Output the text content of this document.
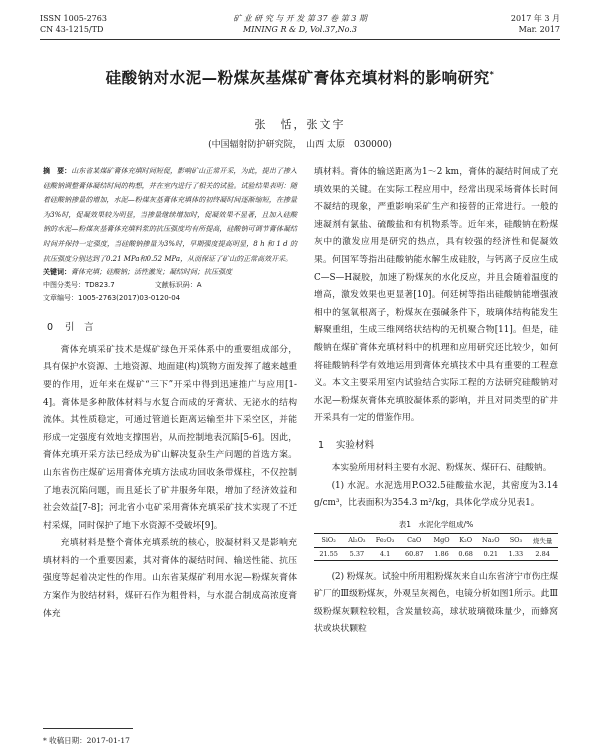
ISSN 1005-2763
CN 43-1215/TD
矿 业 研 究 与 开 发 第 37 卷 第 3 期
MINING R & D, Vol.37,No.3
2017 年 3 月
Mar. 2017
硅酸钠对水泥—粉煤灰基煤矿膏体充填材料的影响研究*
张　恬，张文宇
(中国辐射防护研究院，　山西 太原　030000)
摘　要：山东省某煤矿膏体充填时间短促，影响矿山正常开采，为此，提出了掺入硅酸钠调整膏体凝结时间的构想，并在室内进行了相关的试验。试验结果表明：随着硅酸钠掺量的增加，水泥—粉煤灰基膏体充填体的初终凝时间逐渐缩短，在掺量为3%时，促凝效果较为明显，当掺量继续增加时，促凝效果不显著，且加入硅酸钠的水泥—粉煤灰基膏体充填料浆的抗压强度均有所提高，硅酸钠可调节膏体凝结时间并保持一定强度，当硅酸钠掺量为3%时，早期强度提高明显，8 h 和 1 d 的抗压强度分别达到了0.21 MPa和0.52 MPa，从而保证了矿山的正常高效开采。
关键词：膏体充填；硅酸钠；活性激发；凝结时间；抗压强度
中图分类号：TD823.7	文献标识码：A
文章编号：1005-2763(2017)03-0120-04
0 引　言

膏体充填采矿技术是煤矿绿色开采体系中的重要组成部分，具有保护水资源、土地资源、地面建(构)筑物方面发挥了越来越重要的作用，近年来在煤矿“三下”开采中得到迅速推广与应用[1-4]。膏体是多种散体材料与水复合而成的牙膏状、无泌水的结构流体。其性质稳定，可通过管道长距离运输至井下采空区，并能形成一定强度有效地支撑围岩，从而控制地表沉陷[5-6]。因此，膏体充填开采方法已经成为矿山解决复杂生产问题的首选方案。山东省伤庄煤矿运用膏体充填方法成功回收条带煤柱，不仅控制了地表沉陷问题，而且延长了矿井服务年限，增加了经济效益和社会效益[7-8]；河北省小屯矿采用膏体充填采矿技术实现了不迁村采煤，同时保护了地下水资源不受破坏[9]。

充填材料是整个膏体充填系统的核心，胶凝材料又是影响充填材料的一个重要因素，其对膏体的凝结时间、输送性能、抗压强度等起着决定性的作用。山东省某煤矿利用水泥—粉煤灰膏体方案作为胶结材料，煤矸石作为粗骨料，与水混合制成高浓度膏体充

填材料。膏体的输送距离为1～2 km，膏体的凝结时间成了充填效果的关键。在实际工程应用中，经常出现采场膏体长时间不凝结的现象，严重影响采矿生产和接替的正常进行。一般的速凝剂有氯盐、硫酸盐和有机物系等。近年来，硅酸钠在粉煤灰中的激发应用是研究的热点，具有较强的经济性和促凝效果。何国军等指出硅酸钠能水解生成硅胶，与钙离子反应生成C—S—H凝胶，加速了粉煤灰的水化反应，并且会随着温度的增高，激发效果也更显著[10]。何廷树等指出硅酸钠能增强液相中的氢氧根离子，粉煤灰在强碱条件下，玻璃体结构能发生解聚重组，生成三维网络状结构的无机聚合物[11]。但是，硅酸钠在煤矿膏体充填材料中的机理和应用研究还比较少，如何将硅酸钠科学有效地运用到膏体充填技术中具有重要的工程意义。本文主要采用室内试验结合实际工程的方法研究硅酸钠对水泥—粉煤灰膏体充填胶凝体系的影响，并且对同类型的矿井开采具有一定的借鉴作用。

1 实验材料

本实验所用材料主要有水泥、粉煤灰、煤矸石、硅酸钠。

(1) 水泥。水泥选用P.O32.5硅酸盐水泥，其密度为3.14 g/cm³，比表面积为354.3 m²/kg，具体化学成分见表1。

表1　水泥化学组成/%
SiO₂	Al₂O₃	Fe₂O₃	CaO	MgO	K₂O	Na₂O	SO₃	烧失量
21.55	5.37	4.1	60.87	1.86	0.68	0.21	1.33	2.84

(2) 粉煤灰。试验中所用粗粉煤灰来自山东省济宁市伤庄煤矿厂的Ⅲ级粉煤灰，外观呈灰褐色，电镜分析如图1所示。此Ⅲ级粉煤灰颗粒较粗，含炭量较高，球状玻璃微珠量少，而蜂窝状或块状颗粒

* 收稿日期：2017-01-17
